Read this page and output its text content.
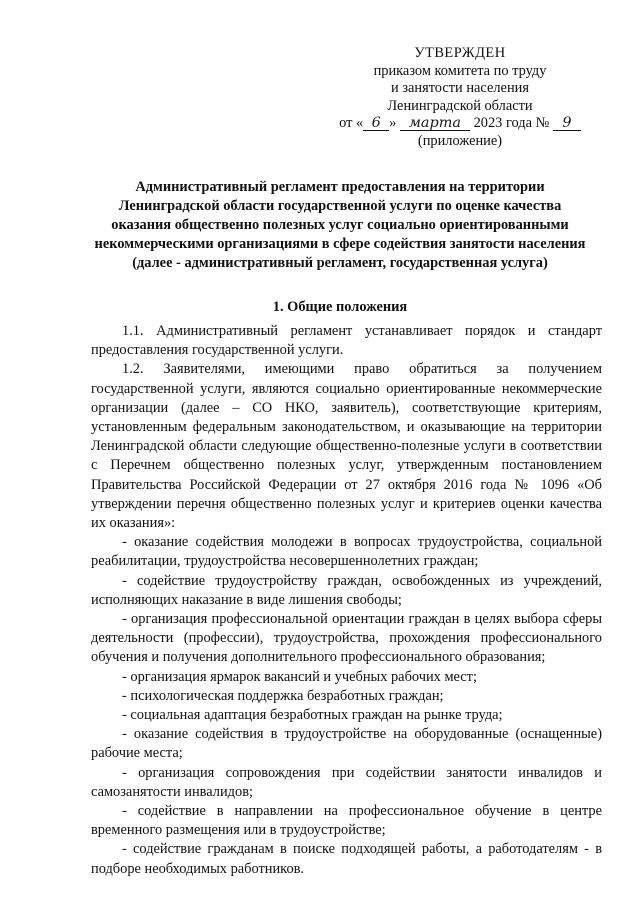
УТВЕРЖДЕН
приказом комитета по труду
и занятости населения
Ленинградской области
от « 6 » марта 2023 года № 9
(приложение)
Административный регламент предоставления на территории Ленинградской области государственной услуги по оценке качества оказания общественно полезных услуг социально ориентированными некоммерческими организациями в сфере содействия занятости населения (далее - административный регламент, государственная услуга)
1. Общие положения

1.1. Административный регламент устанавливает порядок и стандарт предоставления государственной услуги.

1.2. Заявителями, имеющими право обратиться за получением государственной услуги, являются социально ориентированные некоммерческие организации (далее – СО НКО, заявитель), соответствующие критериям, установленным федеральным законодательством, и оказывающие на территории Ленинградской области следующие общественно-полезные услуги в соответствии с Перечнем общественно полезных услуг, утвержденным постановлением Правительства Российской Федерации от 27 октября 2016 года № 1096 «Об утверждении перечня общественно полезных услуг и критериев оценки качества их оказания»:

- оказание содействия молодежи в вопросах трудоустройства, социальной реабилитации, трудоустройства несовершеннолетних граждан;

- содействие трудоустройству граждан, освобожденных из учреждений, исполняющих наказание в виде лишения свободы;

- организация профессиональной ориентации граждан в целях выбора сферы деятельности (профессии), трудоустройства, прохождения профессионального обучения и получения дополнительного профессионального образования;

- организация ярмарок вакансий и учебных рабочих мест;

- психологическая поддержка безработных граждан;

- социальная адаптация безработных граждан на рынке труда;

- оказание содействия в трудоустройстве на оборудованные (оснащенные) рабочие места;

- организация сопровождения при содействии занятости инвалидов и самозанятости инвалидов;

- содействие в направлении на профессиональное обучение в центре временного размещения или в трудоустройстве;

- содействие гражданам в поиске подходящей работы, а работодателям - в подборе необходимых работников.
